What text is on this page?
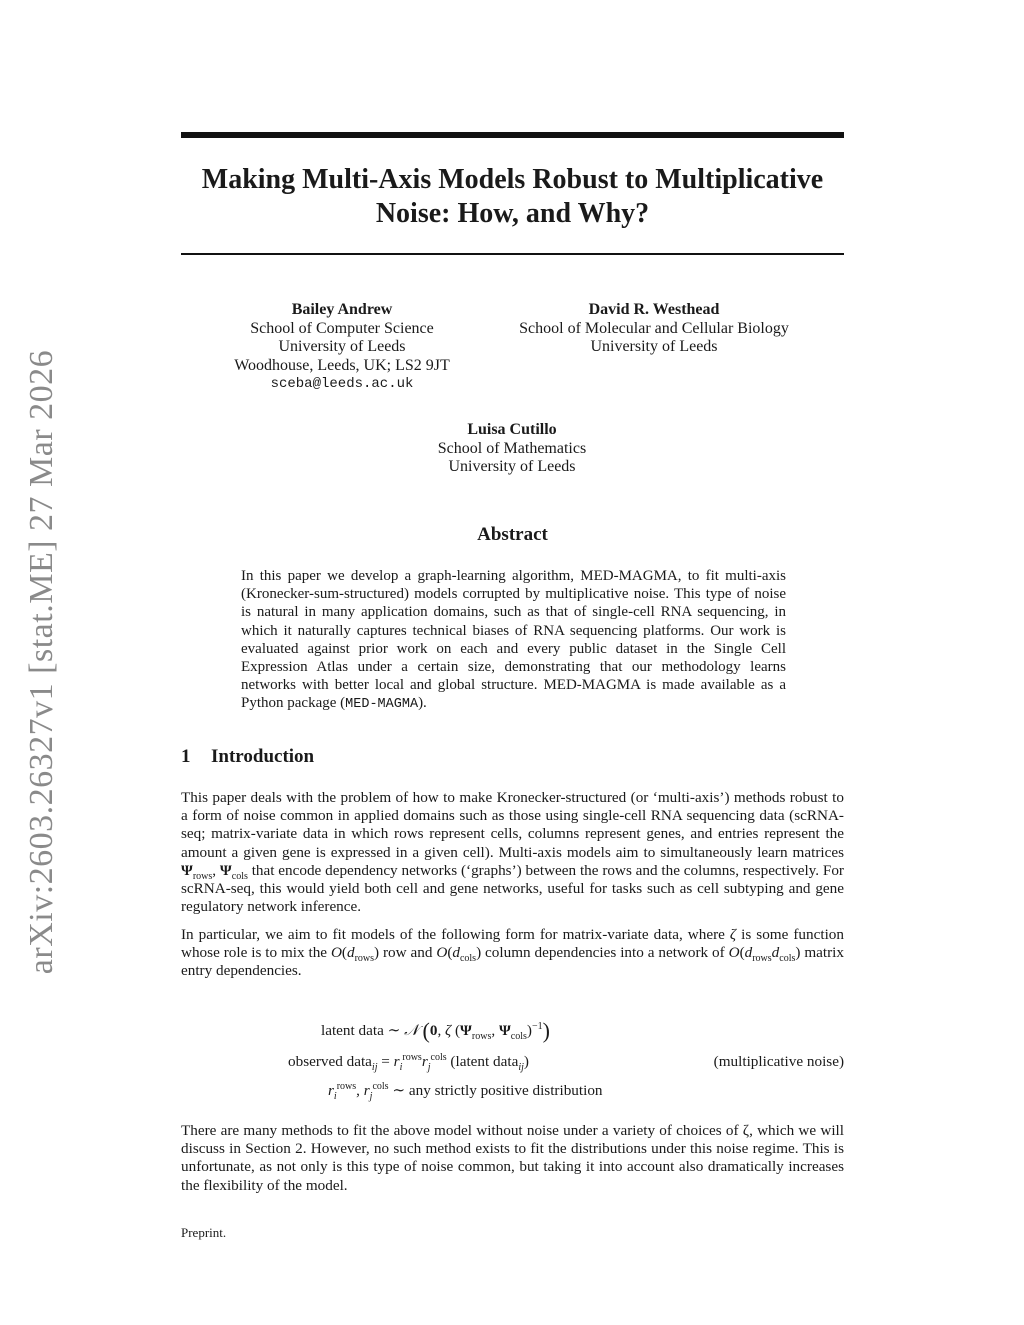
arXiv:2603.26327v1 [stat.ME] 27 Mar 2026
Making Multi-Axis Models Robust to Multiplicative Noise: How, and Why?
Bailey Andrew
School of Computer Science
University of Leeds
Woodhouse, Leeds, UK; LS2 9JT
sceba@leeds.ac.uk
David R. Westhead
School of Molecular and Cellular Biology
University of Leeds
Luisa Cutillo
School of Mathematics
University of Leeds
Abstract

In this paper we develop a graph-learning algorithm, MED-MAGMA, to fit multi-axis (Kronecker-sum-structured) models corrupted by multiplicative noise. This type of noise is natural in many application domains, such as that of single-cell RNA sequencing, in which it naturally captures technical biases of RNA sequencing platforms. Our work is evaluated against prior work on each and every public dataset in the Single Cell Expression Atlas under a certain size, demonstrating that our methodology learns networks with better local and global structure. MED-MAGMA is made available as a Python package (MED-MAGMA).

1 Introduction

This paper deals with the problem of how to make Kronecker-structured (or ‘multi-axis’) methods robust to a form of noise common in applied domains such as those using single-cell RNA sequencing data (scRNA-seq; matrix-variate data in which rows represent cells, columns represent genes, and entries represent the amount a given gene is expressed in a given cell). Multi-axis models aim to simultaneously learn matrices $\Psi_{rows}$, $\Psi_{cols}$ that encode dependency networks (‘graphs’) between the rows and the columns, respectively. For scRNA-seq, this would yield both cell and gene networks, useful for tasks such as cell subtyping and gene regulatory network inference.

In particular, we aim to fit models of the following form for matrix-variate data, where ζ is some function whose role is to mix the $O(d_{rows})$ row and $O(d_{cols})$ column dependencies into a network of $O(d_{rows}d_{cols})$ matrix entry dependencies.

latent data ∼ 𝒩 (0, ζ ($\Psi_{rows}$, $\Psi_{cols})^{-1}$)
observed data$_{ij}$ = $r_i^{rows}r_j^{cols}$ (latent data$_{ij}$)	(multiplicative noise)
$r_i^{rows}$, $r_j^{cols}$ ∼ any strictly positive distribution

There are many methods to fit the above model without noise under a variety of choices of ζ, which we will discuss in Section 2. However, no such method exists to fit the distributions under this noise regime. This is unfortunate, as not only is this type of noise common, but taking it into account also dramatically increases the flexibility of the model.

Preprint.
